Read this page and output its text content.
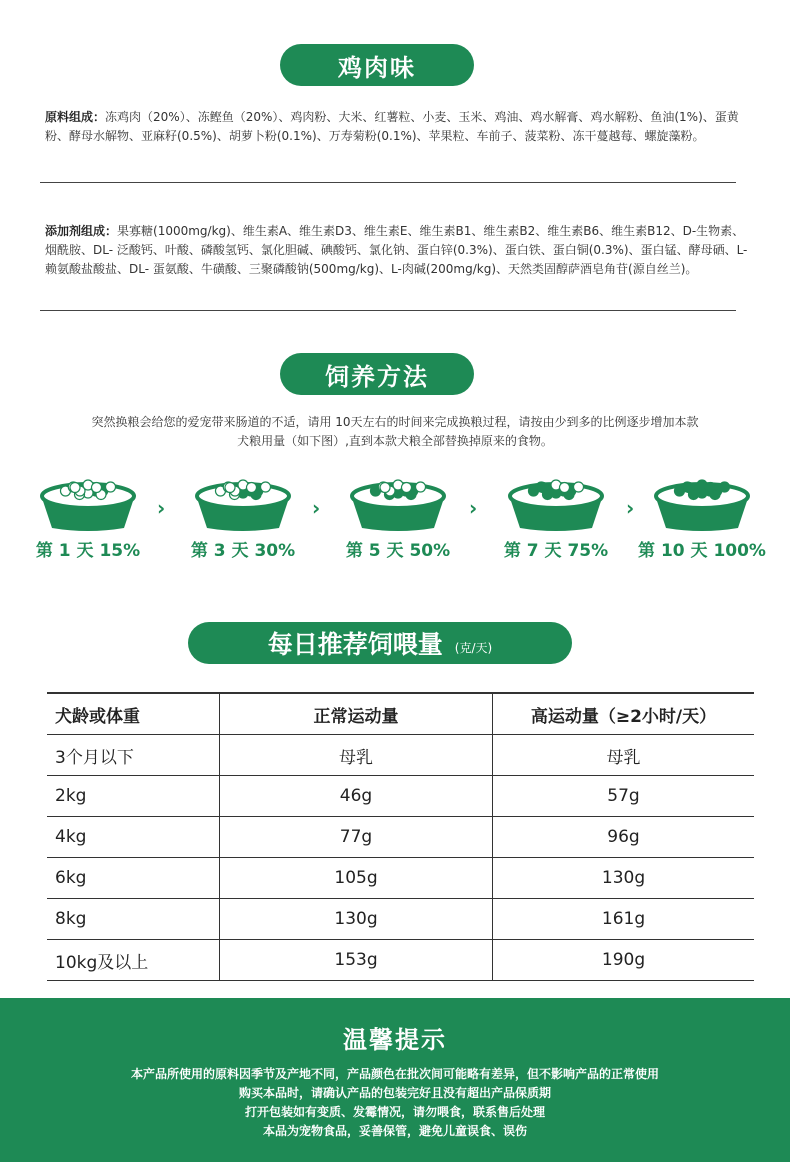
鸡肉味
原料组成：冻鸡肉（20%）、冻鲣鱼（20%）、鸡肉粉、大米、红薯粒、小麦、玉米、鸡油、鸡水解膏、鸡水解粉、鱼油(1%)、蛋黄粉、酵母水解物、亚麻籽(0.5%)、胡萝卜粉(0.1%)、万寿菊粉(0.1%)、苹果粒、车前子、菠菜粉、冻干蔓越莓、螺旋藻粉。
添加剂组成：果寡糖(1000mg/kg)、维生素A、维生素D3、维生素E、维生素B1、维生素B2、维生素B6、维生素B12、D-生物素、烟酰胺、DL- 泛酸钙、叶酸、磷酸氢钙、氯化胆碱、碘酸钙、氯化钠、蛋白锌(0.3%)、蛋白铁、蛋白铜(0.3%)、蛋白锰、酵母硒、L- 赖氨酸盐酸盐、DL- 蛋氨酸、牛磺酸、三聚磷酸钠(500mg/kg)、L-肉碱(200mg/kg)、天然类固醇萨酒皂角苷(源自丝兰)。
饲养方法
突然换粮会给您的爱宠带来肠道的不适，请用 10天左右的时间来完成换粮过程，请按由少到多的比例逐步增加本款
犬粮用量（如下图）,直到本款犬粮全部替换掉原来的食物。
第 1 天 15%
›
第 3 天 30%
›
第 5 天 50%
›
第 7 天 75%
›
第 10 天 100%
每日推荐饲喂量 (克/天)
犬龄或体重	正常运动量	高运动量（≥2小时/天）
3个月以下	母乳	母乳
2kg	46g	57g
4kg	77g	96g
6kg	105g	130g
8kg	130g	161g
10kg及以上	153g	190g
温馨提示
本产品所使用的原料因季节及产地不同，产品颜色在批次间可能略有差异，但不影响产品的正常使用
购买本品时，请确认产品的包装完好且没有超出产品保质期
打开包装如有变质、发霉情况，请勿喂食，联系售后处理
本品为宠物食品，妥善保管，避免儿童误食、误伤
